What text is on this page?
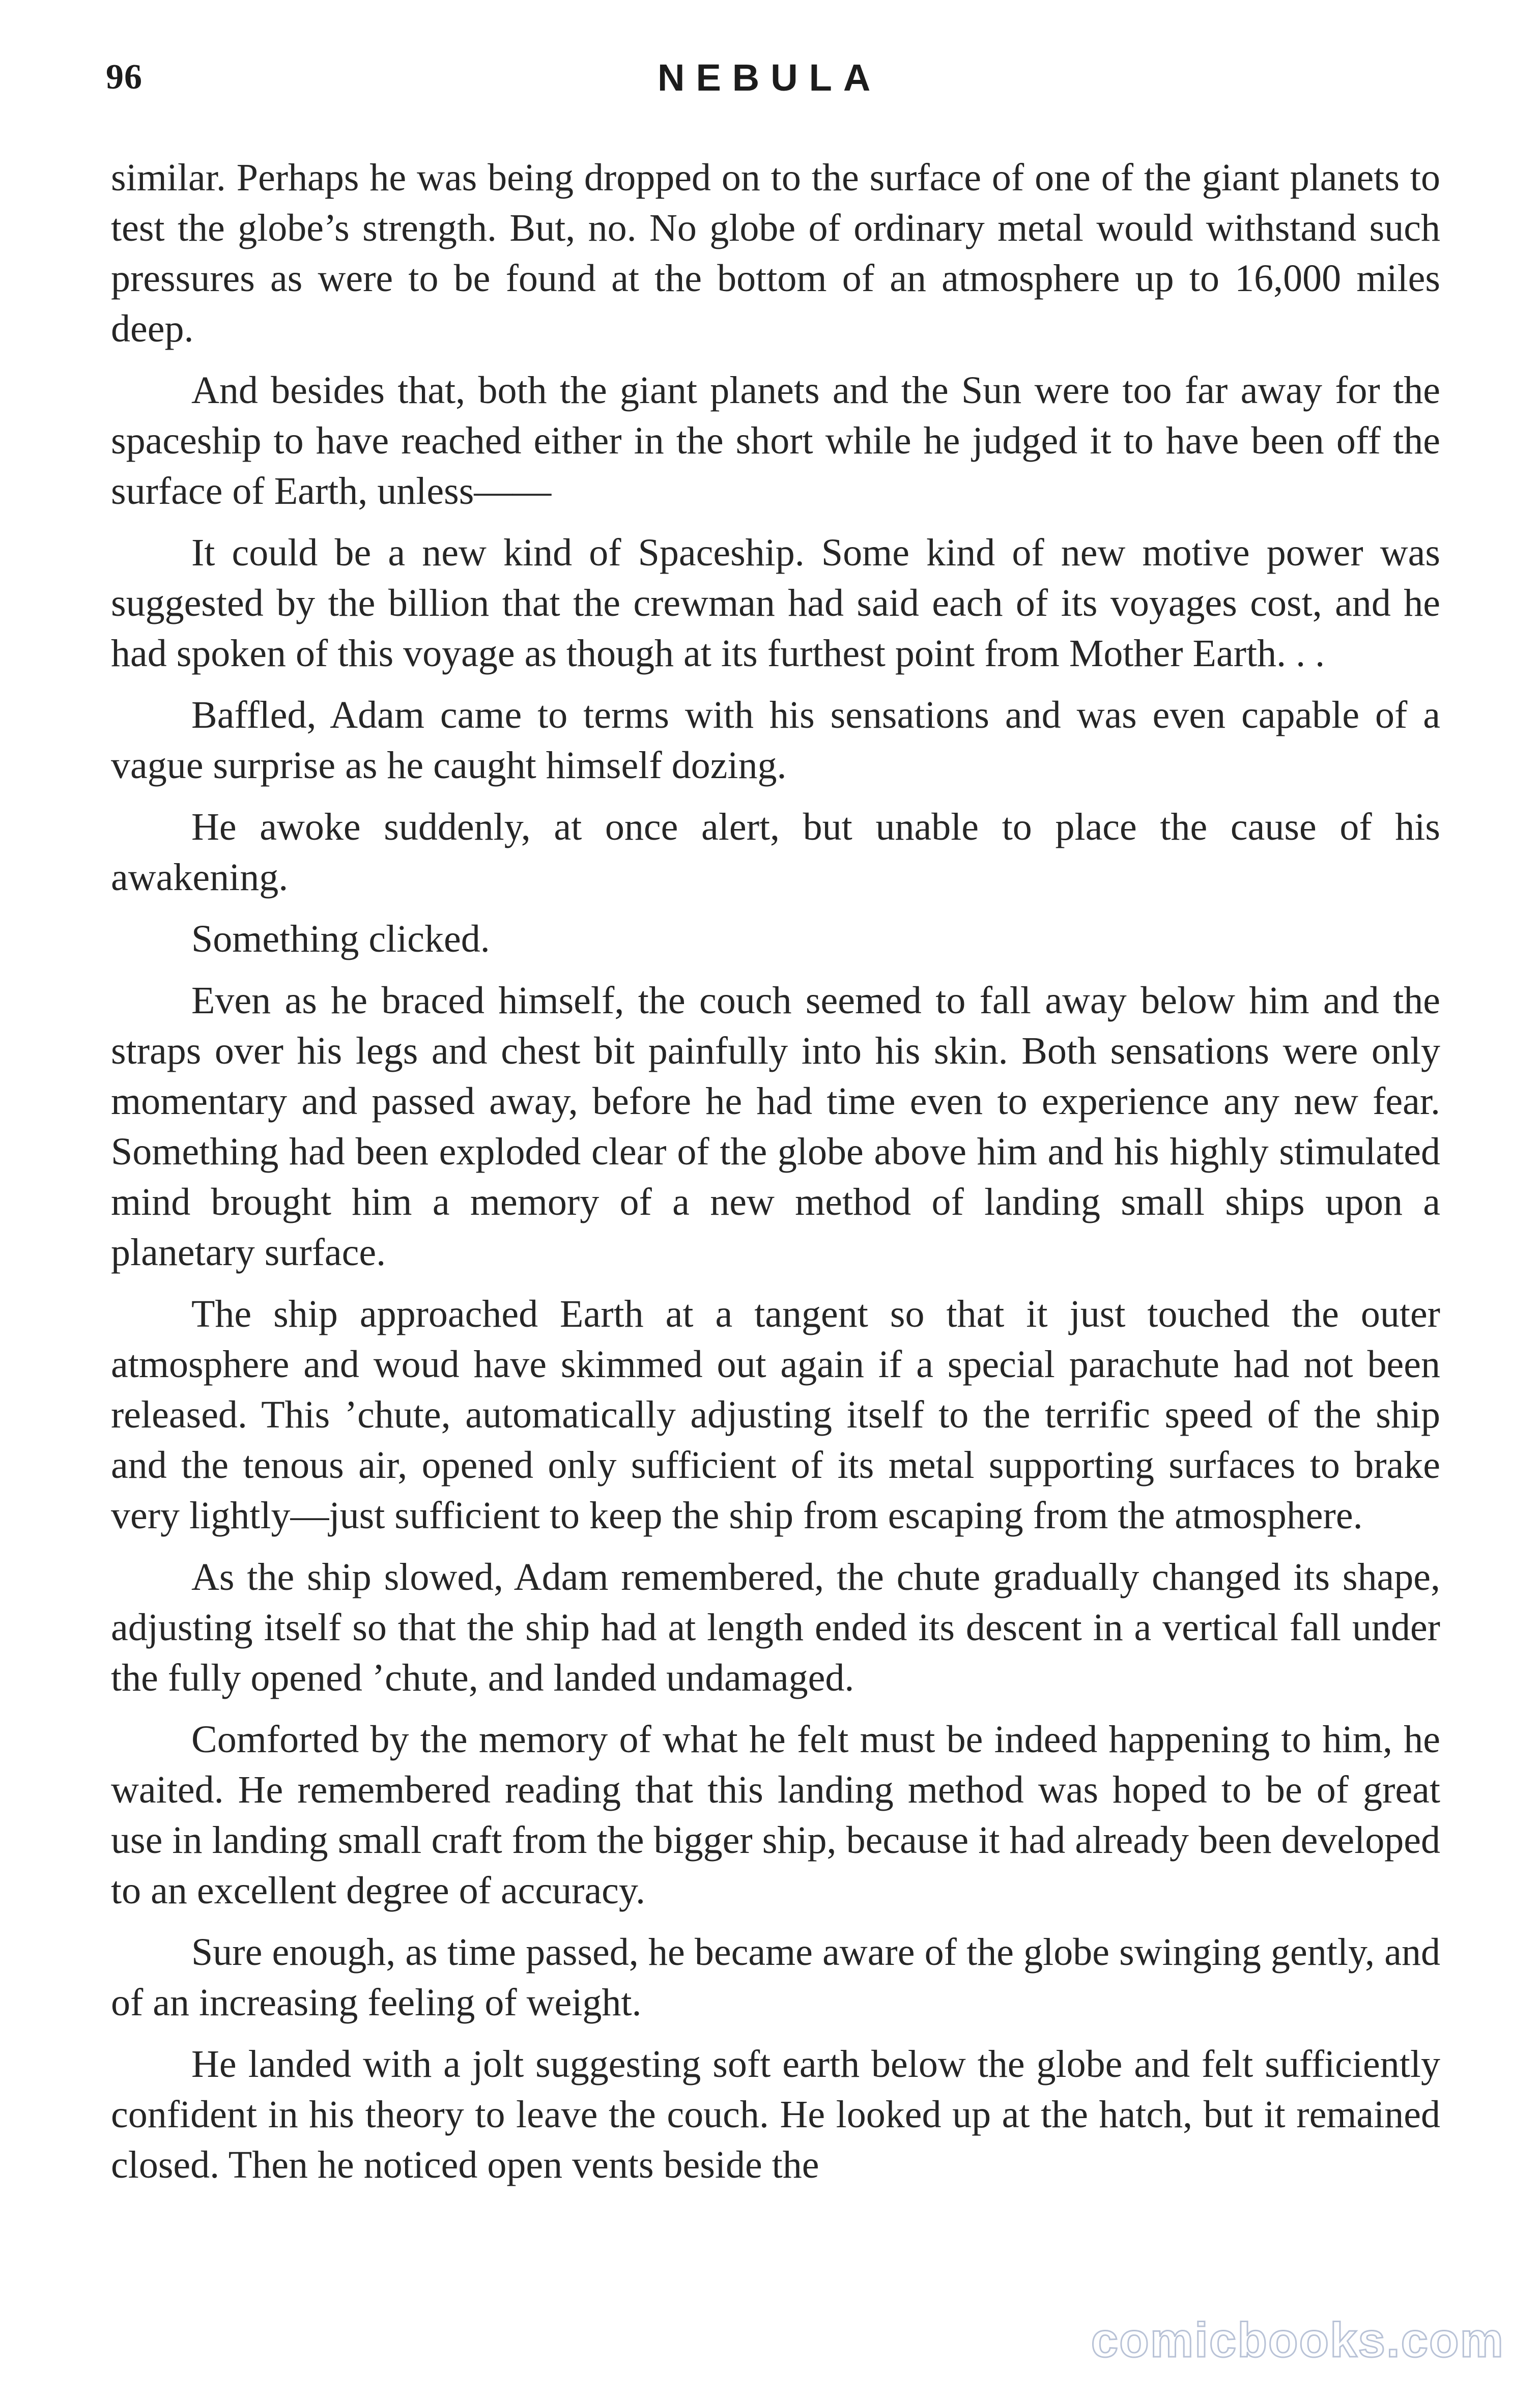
96	NEBULA

similar. Perhaps he was being dropped on to the surface of one of the giant planets to test the globe’s strength. But, no. No globe of ordinary metal would withstand such pressures as were to be found at the bottom of an atmosphere up to 16,000 miles deep.

And besides that, both the giant planets and the Sun were too far away for the spaceship to have reached either in the short while he judged it to have been off the surface of Earth, unless——

It could be a new kind of Spaceship. Some kind of new motive power was suggested by the billion that the crewman had said each of its voyages cost, and he had spoken of this voyage as though at its furthest point from Mother Earth. . .

Baffled, Adam came to terms with his sensations and was even capable of a vague surprise as he caught himself dozing.

He awoke suddenly, at once alert, but unable to place the cause of his awakening.

Something clicked.

Even as he braced himself, the couch seemed to fall away below him and the straps over his legs and chest bit painfully into his skin. Both sensations were only momentary and passed away, before he had time even to experience any new fear. Something had been exploded clear of the globe above him and his highly stimulated mind brought him a memory of a new method of landing small ships upon a planetary surface.

The ship approached Earth at a tangent so that it just touched the outer atmosphere and woud have skimmed out again if a special parachute had not been released. This ’chute, automatically adjusting itself to the terrific speed of the ship and the tenous air, opened only sufficient of its metal supporting surfaces to brake very lightly—just sufficient to keep the ship from escaping from the atmosphere.

As the ship slowed, Adam remembered, the chute gradually changed its shape, adjusting itself so that the ship had at length ended its descent in a vertical fall under the fully opened ’chute, and landed undamaged.

Comforted by the memory of what he felt must be indeed happening to him, he waited. He remembered reading that this landing method was hoped to be of great use in landing small craft from the bigger ship, because it had already been developed to an excellent degree of accuracy.

Sure enough, as time passed, he became aware of the globe swinging gently, and of an increasing feeling of weight.

He landed with a jolt suggesting soft earth below the globe and felt sufficiently confident in his theory to leave the couch. He looked up at the hatch, but it remained closed. Then he noticed open vents beside the

comicbooks.com
